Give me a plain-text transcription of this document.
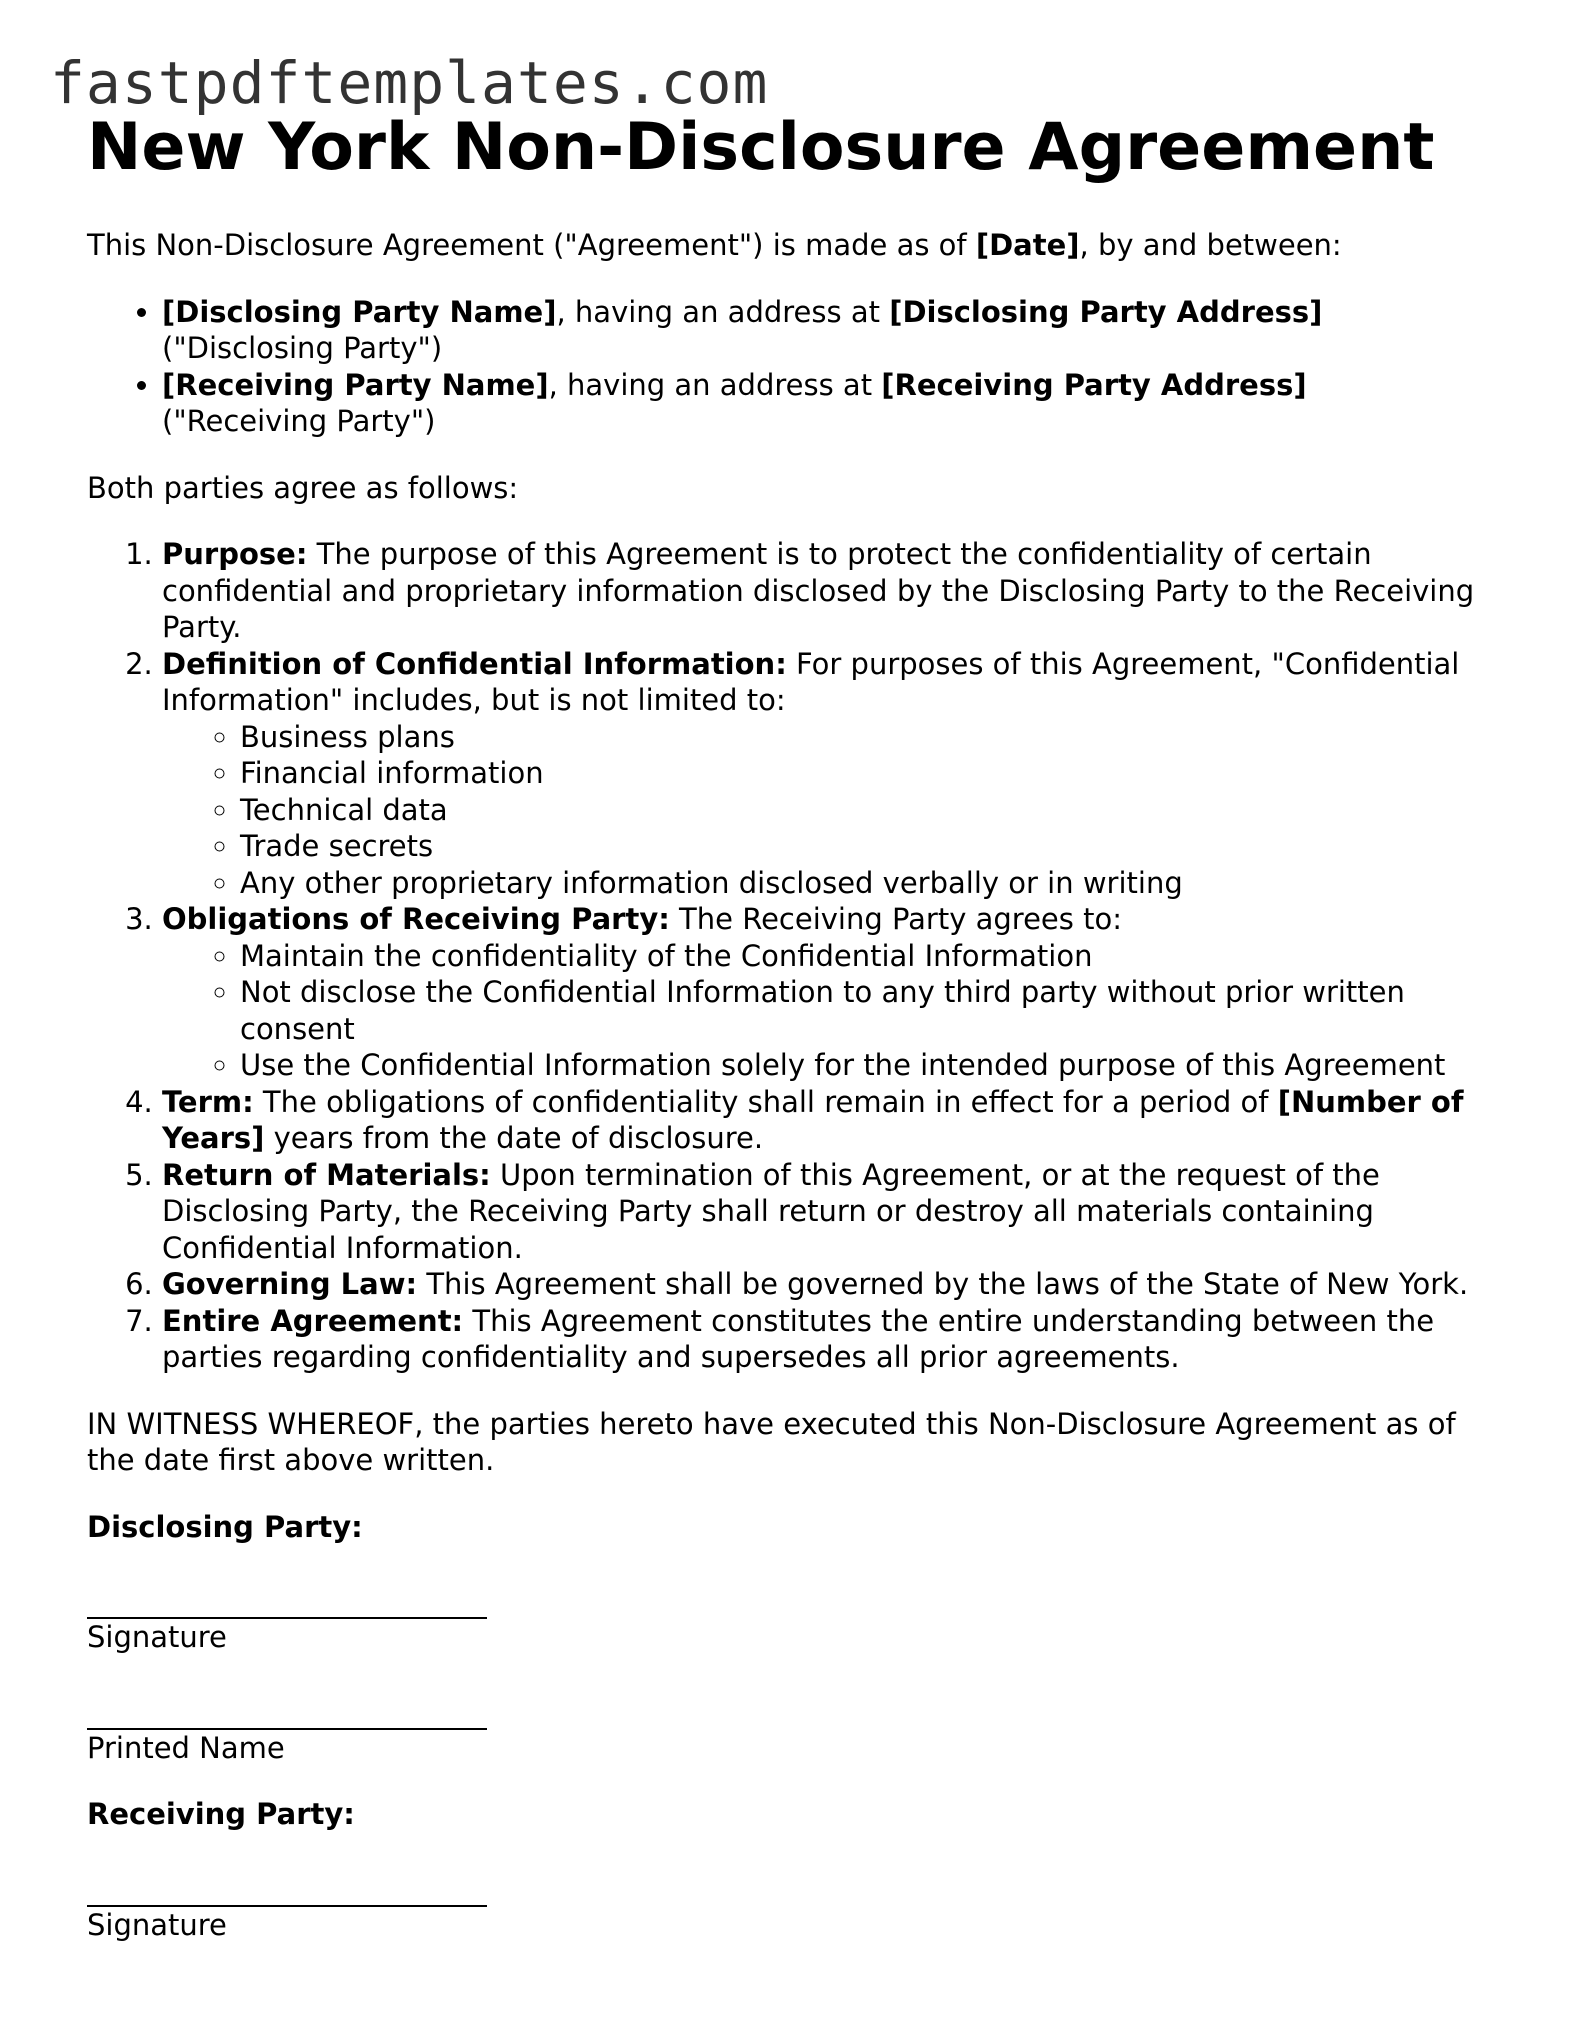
fastpdftemplates.com
New York Non-Disclosure Agreement

This Non-Disclosure Agreement ("Agreement") is made as of [Date], by and between:

• [Disclosing Party Name], having an address at [Disclosing Party Address]
("Disclosing Party")
• [Receiving Party Name], having an address at [Receiving Party Address]
("Receiving Party")

Both parties agree as follows:

1. Purpose: The purpose of this Agreement is to protect the confidentiality of certain confidential and proprietary information disclosed by the Disclosing Party to the Receiving Party.
2. Definition of Confidential Information: For purposes of this Agreement, "Confidential Information" includes, but is not limited to:
◦ Business plans
◦ Financial information
◦ Technical data
◦ Trade secrets
◦ Any other proprietary information disclosed verbally or in writing
3. Obligations of Receiving Party: The Receiving Party agrees to:
◦ Maintain the confidentiality of the Confidential Information
◦ Not disclose the Confidential Information to any third party without prior written consent
◦ Use the Confidential Information solely for the intended purpose of this Agreement
4. Term: The obligations of confidentiality shall remain in effect for a period of [Number of Years] years from the date of disclosure.
5. Return of Materials: Upon termination of this Agreement, or at the request of the Disclosing Party, the Receiving Party shall return or destroy all materials containing Confidential Information.
6. Governing Law: This Agreement shall be governed by the laws of the State of New York.
7. Entire Agreement: This Agreement constitutes the entire understanding between the parties regarding confidentiality and supersedes all prior agreements.

IN WITNESS WHEREOF, the parties hereto have executed this Non-Disclosure Agreement as of the date first above written.

Disclosing Party:

Signature

Printed Name

Receiving Party:

Signature
